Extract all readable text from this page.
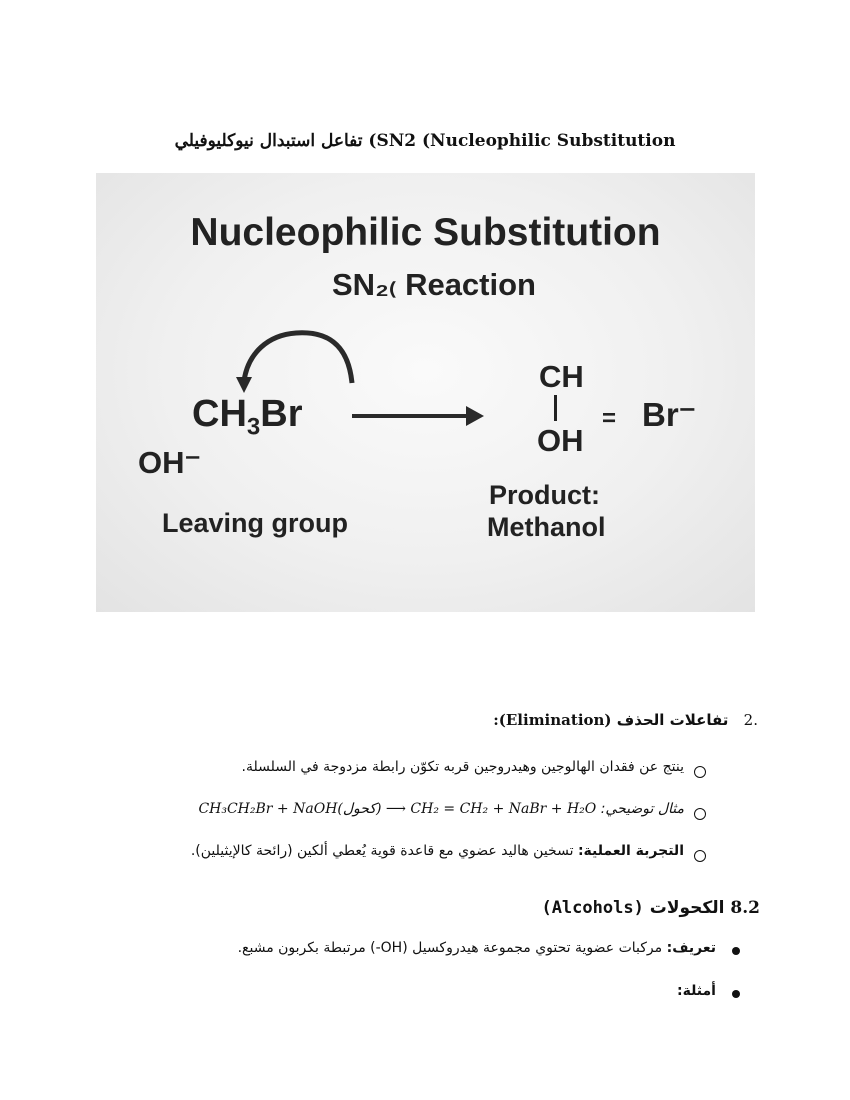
تفاعل استبدال نيوكليوفيلي (SN2 (Nucleophilic Substitution
Nucleophilic Substitution
SN₂₍ Reaction
$CH_3Br$
OH⁻
Leaving group
CH
OH
= Br⁻
Product:
Methanol
.2 تفاعلات الحذف (Elimination):
ينتج عن فقدان الهالوجين وهيدروجين قربه تكوّن رابطة مزدوجة في السلسلة.
مثال توضيحي: CH₃CH₂Br + NaOH(كحول) ⟶ CH₂ = CH₂ + NaBr + H₂O
التجربة العملية: تسخين هاليد عضوي مع قاعدة قوية يُعطي ألكين (رائحة كالإيثيلين).
8.2 الكحولات (Alcohols)
تعريف: مركبات عضوية تحتوي مجموعة هيدروكسيل (OH-) مرتبطة بكربون مشبع.
أمثلة:
